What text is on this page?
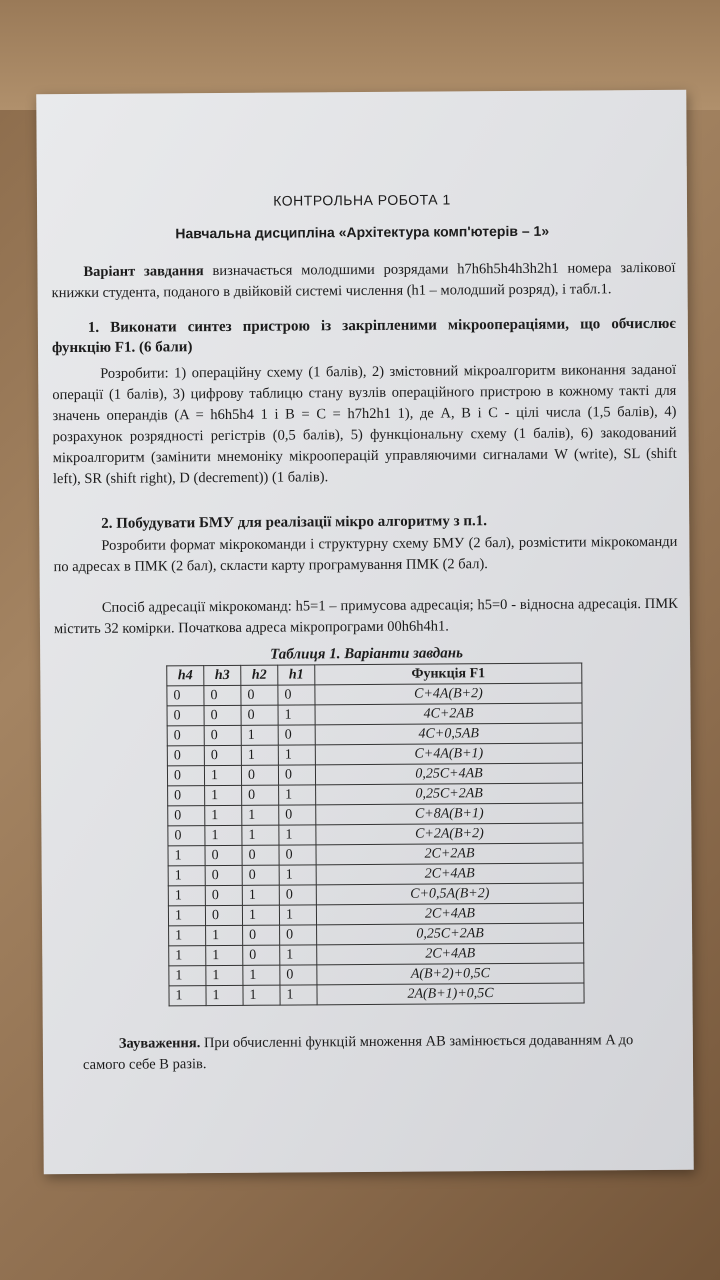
КОНТРОЛЬНА РОБОТА 1
Навчальна дисципліна «Архітектура комп'ютерів – 1»
Варіант завдання визначається молодшими розрядами h7h6h5h4h3h2h1 номера залікової книжки студента, поданого в двійковій системі числення (h1 – молодший розряд), і табл.1.
1. Виконати синтез пристрою із закріпленими мікроопераціями, що обчислює функцію F1. (6 бали)
Розробити: 1) операційну схему (1 балів), 2) змістовний мікроалгоритм виконання заданої операції (1 балів), 3) цифрову таблицю стану вузлів операційного пристрою в кожному такті для значень операндів (A = h6h5h4 1 і B = C = h7h2h1 1), де A, B і C - цілі числа (1,5 балів), 4) розрахунок розрядності регістрів (0,5 балів), 5) функціональну схему (1 балів), 6) закодований мікроалгоритм (замінити мнемоніку мікрооперацій управляючими сигналами W (write), SL (shift left), SR (shift right), D (decrement)) (1 балів).
2. Побудувати БМУ для реалізації мікро алгоритму з п.1.
Розробити формат мікрокоманди і структурну схему БМУ (2 бал), розмістити мікрокоманди по адресах в ПМК (2 бал), скласти карту програмування ПМК (2 бал).
Спосіб адресації мікрокоманд: h5=1 – примусова адресація; h5=0 - відносна адресація. ПМК містить 32 комірки. Початкова адреса мікропрограми 00h6h4h1.
Таблиця 1. Варіанти завдань
h4	h3	h2	h1	Функція F1
0	0	0	0	C+4A(B+2)
0	0	0	1	4C+2AB
0	0	1	0	4C+0,5AB
0	0	1	1	C+4A(B+1)
0	1	0	0	0,25C+4AB
0	1	0	1	0,25C+2AB
0	1	1	0	C+8A(B+1)
0	1	1	1	C+2A(B+2)
1	0	0	0	2C+2AB
1	0	0	1	2C+4AB
1	0	1	0	C+0,5A(B+2)
1	0	1	1	2C+4AB
1	1	0	0	0,25C+2AB
1	1	0	1	2C+4AB
1	1	1	0	A(B+2)+0,5C
1	1	1	1	2A(B+1)+0,5C
Зауваження. При обчисленні функцій множення AB замінюється додаванням A до самого себе B разів.
